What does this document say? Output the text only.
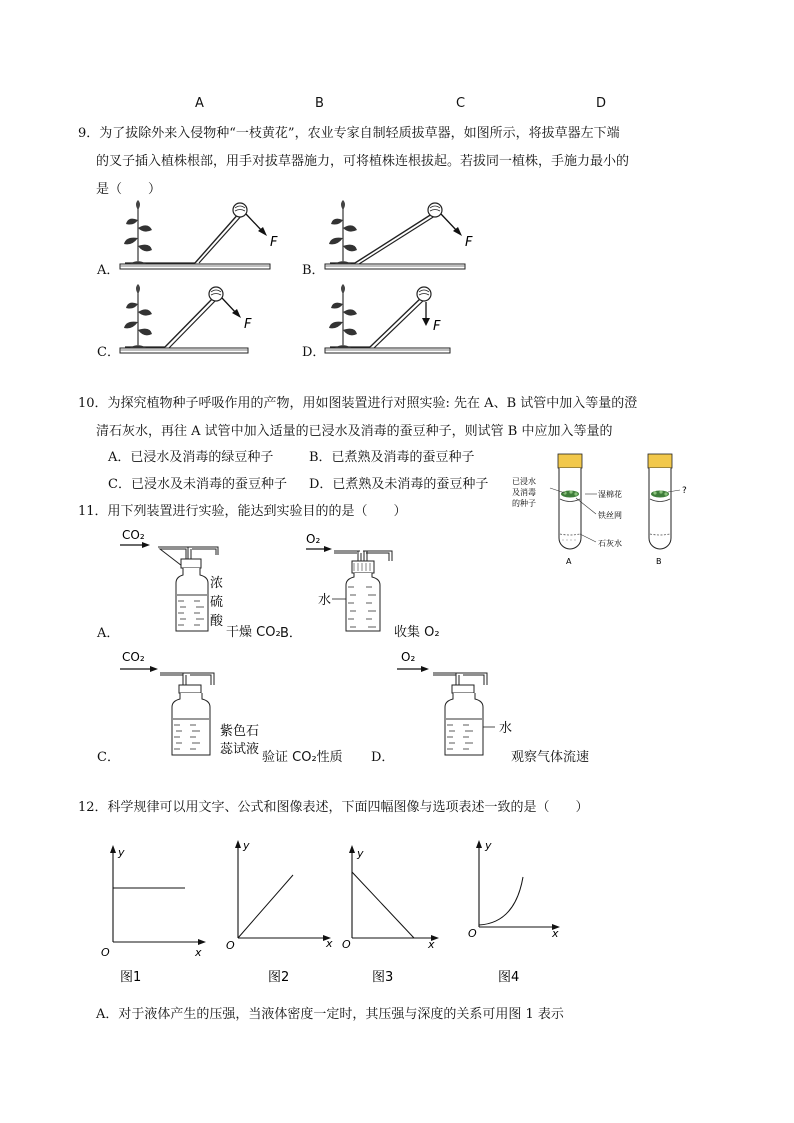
A	B	C	D
9．为了拔除外来入侵物种“一枝黄花”，农业专家自制轻质拔草器，如图所示，将拔草器左下端
的叉子插入植株根部，用手对拔草器施力，可将植株连根拔起。若拔同一植株，手施力最小的
是（　　）
A．	B．
C．	D．
F	F
F	F
10．为探究植物种子呼吸作用的产物，用如图装置进行对照实验: 先在 A、B 试管中加入等量的澄
清石灰水，再往 A 试管中加入适量的已浸水及消毒的蚕豆种子，则试管 B 中应加入等量的
A．已浸水及消毒的绿豆种子	B．已煮熟及消毒的蚕豆种子
C．已浸水及未消毒的蚕豆种子 D．已煮熟及未消毒的蚕豆种子	已浸水
及消毒
的种子
湿棉花
铁丝网
石灰水
?
A	B
11．用下列装置进行实验，能达到实验目的的是（　　）
A．	干燥 CO₂ B．	收集 O₂
C．	验证 CO₂性质 D．	观察气体流速
CO₂
浓
硫
酸
O₂
水
CO₂
紫色石
蕊试液
O₂
水
12．科学规律可以用文字、公式和图像表述，下面四幅图像与选项表述一致的是（　　）
y
x
O
图1
y
x
O
图2
y
x
O
图3
y
x
O
图4
A．对于液体产生的压强，当液体密度一定时，其压强与深度的关系可用图 1 表示
